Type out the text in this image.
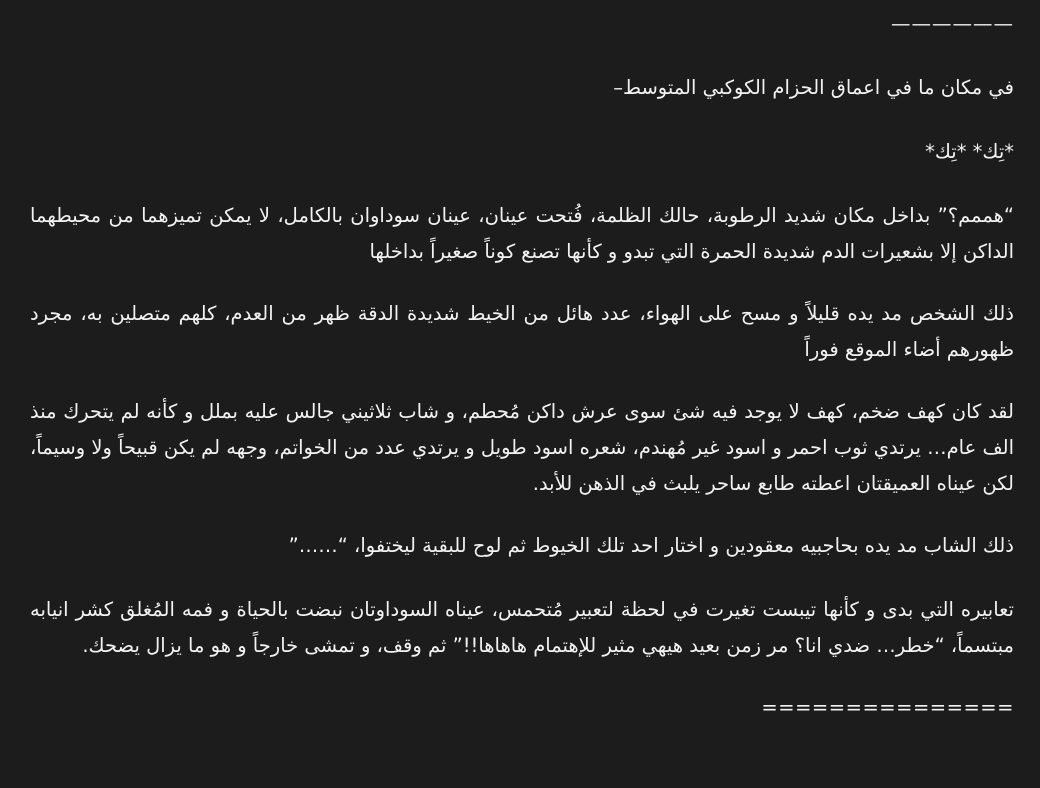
——————

في مكان ما في اعماق الحزام الكوكبي المتوسط–

*تِك* *تِك*

“هممم؟” بداخل مكان شديد الرطوبة، حالك الظلمة، فُتحت عينان، عينان سوداوان بالكامل، لا يمكن تميزهما من محيطهما الداكن إلا بشعيرات الدم شديدة الحمرة التي تبدو و كأنها تصنع كوناً صغيراً بداخلها

ذلك الشخص مد يده قليلاً و مسح على الهواء، عدد هائل من الخيط شديدة الدقة ظهر من العدم، كلهم متصلين به، مجرد ظهورهم أضاء الموقع فوراً

لقد كان كهف ضخم، كهف لا يوجد فيه شئ سوى عرش داكن مُحطم، و شاب ثلاثيني جالس عليه بملل و كأنه لم يتحرك منذ الف عام… يرتدي ثوب احمر و اسود غير مُهندم، شعره اسود طويل و يرتدي عدد من الخواتم، وجهه لم يكن قبيحاً ولا وسيماً، لكن عيناه العميقتان اعطته طابع ساحر يلبث في الذهن للأبد.

ذلك الشاب مد يده بحاجبيه معقودين و اختار احد تلك الخيوط ثم لوح للبقية ليختفوا، “……”

تعابيره التي بدى و كأنها تيبست تغيرت في لحظة لتعبير مُتحمس، عيناه السوداوتان نبضت بالحياة و فمه المُغلق كشر انيابه مبتسماً، “خطر… ضدي انا؟ مر زمن بعيد هيهي مثير للإهتمام هاهاها!!” ثم وقف، و تمشى خارجاً و هو ما يزال يضحك.

===============
